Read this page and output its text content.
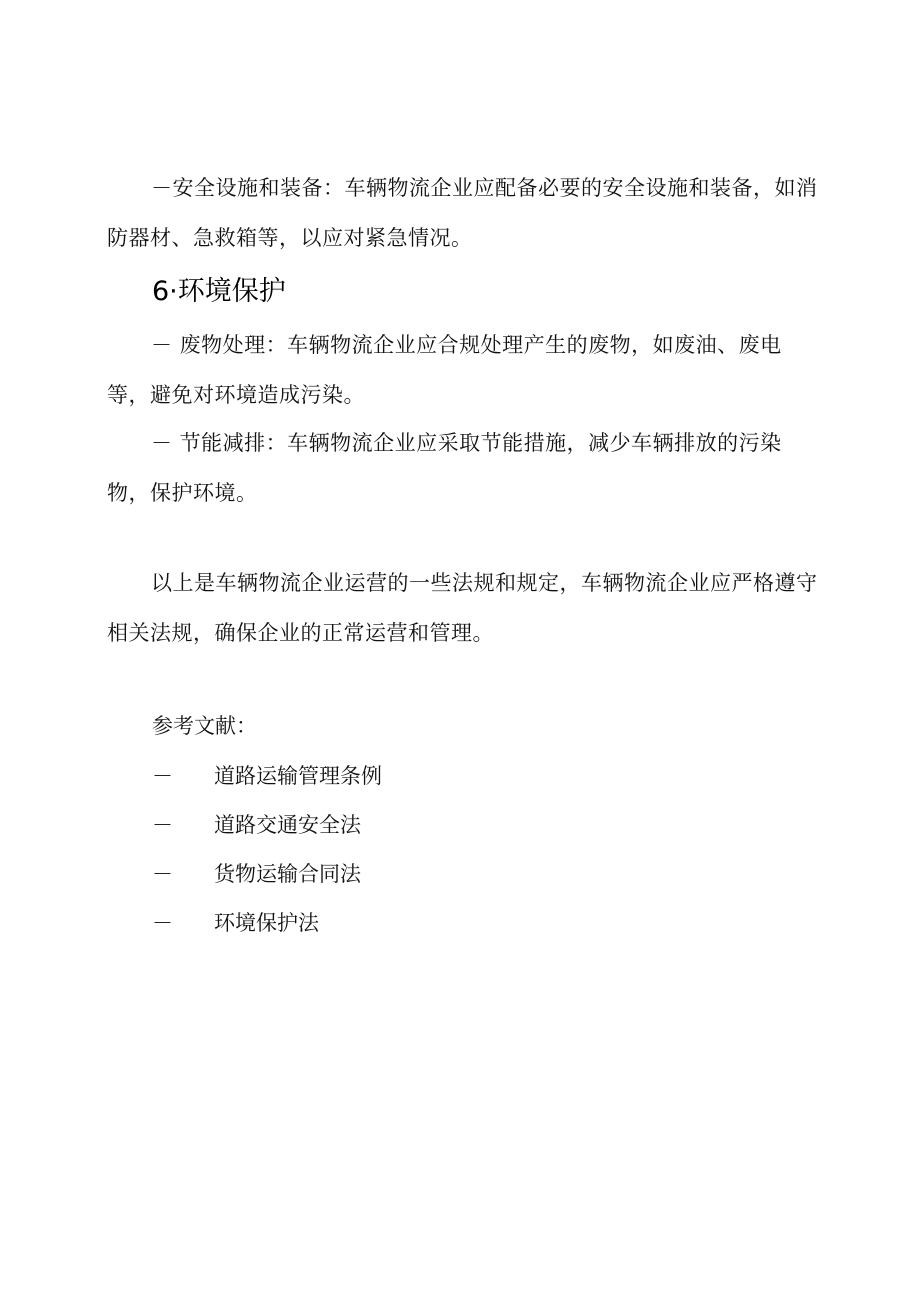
－安全设施和装备：车辆物流企业应配备必要的安全设施和装备，如消防器材、急救箱等，以应对紧急情况。

6·环境保护

－ 废物处理：车辆物流企业应合规处理产生的废物，如废油、废电等，避免对环境造成污染。

－ 节能减排：车辆物流企业应采取节能措施，减少车辆排放的污染物，保护环境。

以上是车辆物流企业运营的一些法规和规定，车辆物流企业应严格遵守相关法规，确保企业的正常运营和管理。

参考文献：

－	道路运输管理条例
－	道路交通安全法
－	货物运输合同法
－	环境保护法
